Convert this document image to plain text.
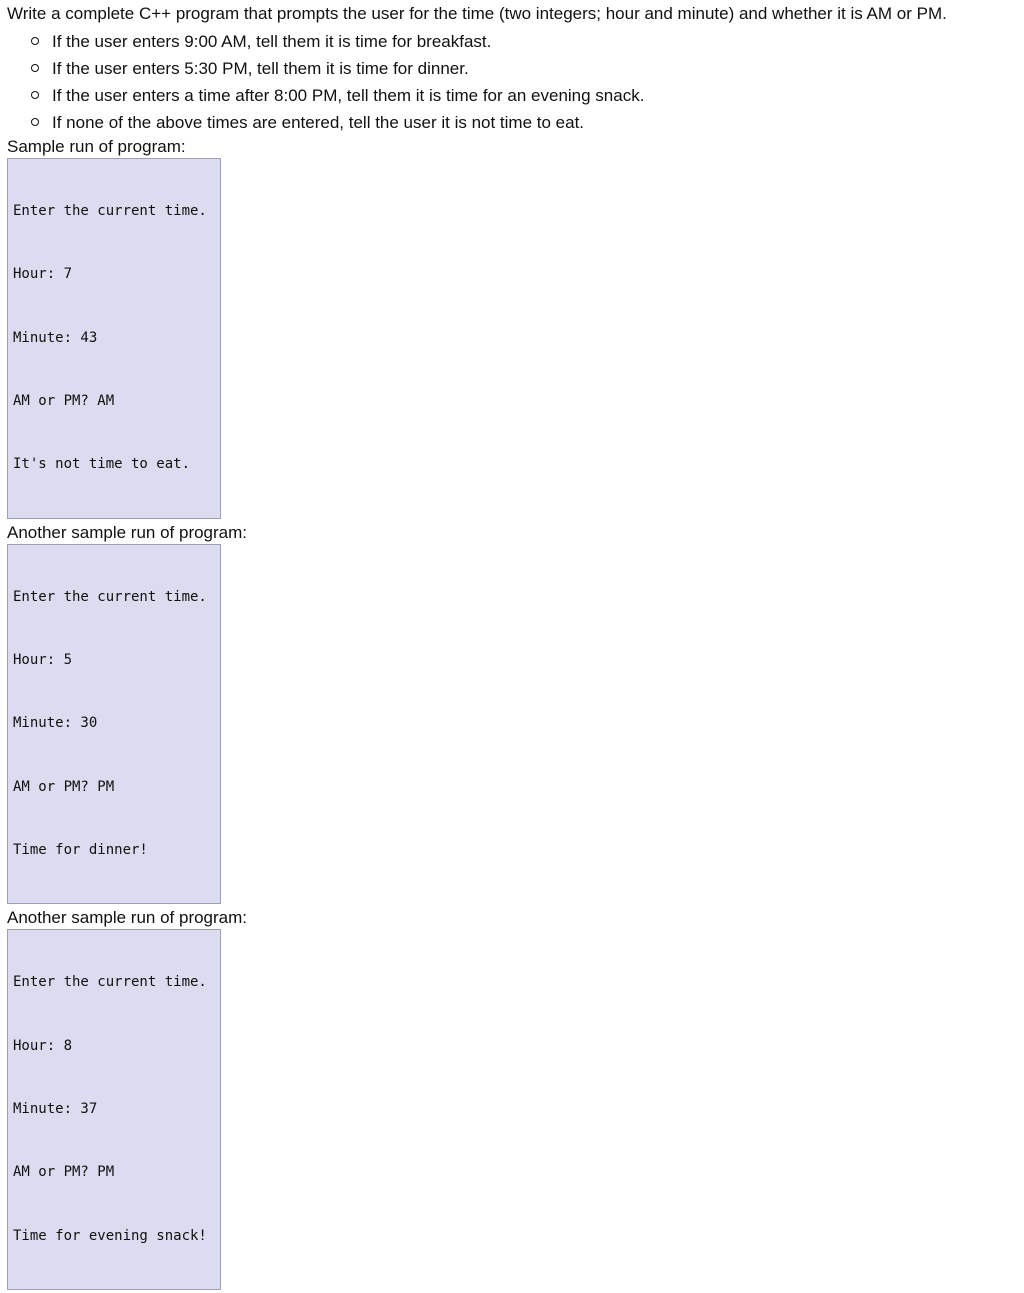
Write a complete C++ program that prompts the user for the time (two integers; hour and minute) and whether it is AM or PM.

If the user enters 9:00 AM, tell them it is time for breakfast.
If the user enters 5:30 PM, tell them it is time for dinner.
If the user enters a time after 8:00 PM, tell them it is time for an evening snack.
If none of the above times are entered, tell the user it is not time to eat.

Sample run of program:

Enter the current time.

Hour: 7

Minute: 43

AM or PM? AM

It's not time to eat.

Another sample run of program:

Enter the current time.

Hour: 5

Minute: 30

AM or PM? PM

Time for dinner!

Another sample run of program:

Enter the current time.

Hour: 8

Minute: 37

AM or PM? PM

Time for evening snack!
